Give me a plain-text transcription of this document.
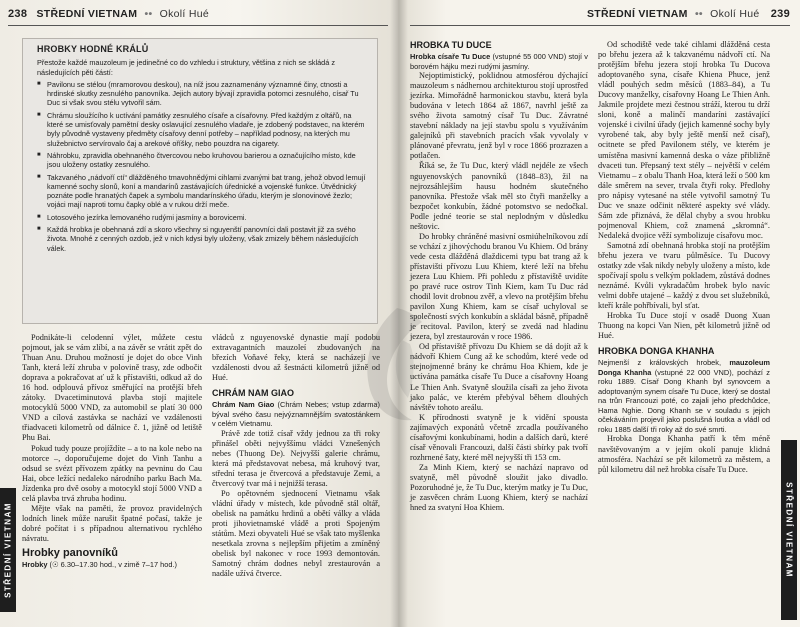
238 STŘEDNÍ VIETNAM •• Okolí Hué
HROBKY HODNÉ KRÁLŮ

Přestože každé mauzoleum je jedinečné co do vzhledu i struktury, většina z nich se skládá z následujících pěti částí:

■ Pavilonu se stélou (mramorovou deskou), na níž jsou zaznamenány významné činy, ctnosti a hrdinské skutky zesnulého panovníka. Jejich autory bývají zpravidla potomci zesnulého, císař Tu Duc si však svou stélu vytvořil sám.
■ Chrámu sloužícího k uctívání památky zesnulého císaře a císařovny. Před každým z oltářů, na které se umisťovaly pamětní desky oslavující zesnulého vladaře, je zdobený podstavec, na kterém byly původně vystaveny předměty císařovy denní potřeby – například podnosy, na kterých mu služebnictvo servírovalo čaj a arekové oříšky, nebo pouzdra na cigarety.
■ Náhrobku, zpravidla obehnaného čtvercovou nebo kruhovou barierou a označujícího místo, kde jsou uloženy ostatky zesnulého.
■ Takzvaného „nádvoří ctí“ dlážděného tmavohnědými cihlami zvanými bat trang, jehož obvod lemují kamenné sochy slonů, koní a mandarínů zastávajících úřednické a vojenské funkce. Útvědnický poznáte podle hranatých čapek a symbolu mandarínského úřadu, kterým je slonovinové žezlo; vojáci mají naproti tomu čapky oblé a v rukou drží meče.
■ Lotosového jezírka lemovaného rudými jasmíny a borovicemi.
■ Každá hrobka je obehnaná zdí a skoro všechny si nguyenští panovníci dali postavit již za svého života. Mnohé z cenných ozdob, jež v nich kdysi byly uloženy, však zmizely během následujících válek.

Podnikáte-li celodenní výlet, můžete cestu pojmout, jak se vám zlíbí, a na závěr se vrátit zpět do Thuan Anu. Druhou možností je dojet do obce Vinh Tanh, která leží zhruba v polovině trasy, zde odbočit doprava a pokračovat ať už k přístavišti, odkud až do 16 hod. odplouvá přívoz směřující na protější břeh zátoky. Dvacetiminutová plavba stojí majitele motocyklů 5000 VND, za automobil se platí 30 000 VND a cílová zastávka se nachází ve vzdálenosti třiadvaceti kilometrů od dálnice č. 1, jižně od letiště Phu Bai.

Pokud tudy pouze projíždíte – a to na kole nebo na motorce –, doporučujeme dojet do Vinh Tanhu a odsud se svézt přívozem zpátky na pevninu do Cau Hai, obce ležící nedaleko národního parku Bach Ma. Jízdenka pro dvě osoby a motocykl stojí 5000 VND a celá plavba trvá zhruba hodinu.

Mějte však na paměti, že provoz pravidelných lodních linek může narušit špatné počasí, takže je dobré počítat i s případnou alternativou rychlého návratu.

Hrobky panovníků

Hrobky (☉ 6.30–17.30 hod., v zimě 7–17 hod.)

vládců z nguyenovské dynastie mají podobu extravagantních mauzoleí zbudovaných na březích Voňavé řeky, která se nacházejí ve vzdálenosti dvou až šestnácti kilometrů jižně od Hué.

CHRÁM NAM GIAO

Chrám Nam Giao (Chrám Nebes; vstup zdarma) býval svého času nejvýznamnějším svatostánkem v celém Vietnamu.

Právě zde totiž císař vždy jednou za tři roky přinášel oběti nejvyššímu vládci Vznešených nebes (Thuong De). Nejvyšší galerie chrámu, která má představovat nebesa, má kruhový tvar, střední terasa je čtvercová a představuje Zemi, a čtvercový tvar má i nejnižší terasa.

Po opětovném sjednocení Vietnamu však vládní úřady v místech, kde původně stál oltář, obelisk na památku hrdinů a obětí války a vláda proti jihovietnamské vládě a proti Spojeným státům. Mezi obyvateli Hué se však tato myšlenka nesetkala zrovna s nejlepším přijetím a zmíněný obelisk byl nakonec v roce 1993 demontován. Samotný chrám dodnes nebyl zrestaurován a nadále užívá čtverce.

STŘEDNÍ VIETNAM
STŘEDNÍ VIETNAM •• Okolí Hué 239
HROBKA TU DUCE

Hrobka císaře Tu Duce (vstupné 55 000 VND) stojí v borovém hájku mezi rudými jasmíny.

Nejoptimistický, poklidnou atmosférou dýchající mauzoleum s nádhernou architekturou stojí uprostřed jezírka. Mimořádně harmonickou stavbu, která byla budována v letech 1864 až 1867, navrhl ještě za svého života samotný císař Tu Duc. Závratné stavební náklady na její stavbu spolu s využíváním galejníků při stavebních pracích však vyvolaly v plánované převratu, jenž byl v roce 1866 prozrazen a potlačen.

Říká se, že Tu Duc, který vládl nejdéle ze všech nguyenovských panovníků (1848–83), žil na nejrozsáhlejším hausu hodném skutečného panovníka. Přestože však měl sto čtyři manželky a bezpočet konkubín, žádné potomstvo se nedočkal. Podle jedné teorie se stal neplodným v důsledku neštovic.

Do hrobky chráněné masivní osmiúhelníkovou zdí se vchází z jihovýchodu branou Vu Khiem. Od brány vede cesta dlážděná dlaždicemi typu bat trang až k přístavišti přívozu Luu Khiem, které leží na břehu jezera Luu Khiem. Při pohledu z přístaviště uvidíte po pravé ruce ostrov Tinh Kiem, kam Tu Duc rád chodil lovit drobnou zvěř, a vlevo na protějším břehu pavilon Xung Khiem, kam se císař uchyloval se společností svých konkubín a skládal básně, případně je recitoval. Pavilon, který se zvedá nad hladinu jezera, byl zrestaurován v roce 1986.

Od přístaviště přívozu Du Khiem se dá dojít až k nádvoří Khiem Cung až ke schodům, které vede od stejnojmenné brány ke chrámu Hoa Khiem, kde je uctívána památka císaře Tu Duce a císařovny Hoang Le Thien Anh. Svatyně sloužila císaři za jeho života jako palác, ve kterém přebýval během dlouhých návštěv tohoto areálu.

K přírodnosti svatyně je k vidění spousta zajímavých exponátů včetně zrcadla používaného císařovými konkubínami, hodin a dalších darů, které císař věnovali Francouzi, další části sbírky pak tvoří rozhrnené šaty, které měl nejvyšší tři 153 cm.

Za Minh Kiem, který se nachází napravo od svatyně, měl původně sloužit jako divadlo. Pozoruhodné je, že Tu Duc, kterým matky je Tu Duc, je zasvěcen chrám Luong Khiem, který se nachází hned za svatyní Hoa Khiem.

Od schodiště vede také cihlami dlážděná cesta po břehu jezera až k takzvanému nádvoří ctí. Na protějším břehu jezera stojí hrobka Tu Ducova adoptovaného syna, císaře Khiena Phuce, jenž vládl pouhých sedm měsíců (1883–84), a Tu Ducovy manželky, císařovny Hoang Le Thien Anh. Jakmile projdete mezi čestnou stráží, kterou tu drží sloni, koně a malinčí mandaríni zastávající vojenské i civilní úřady (jejich kamenné sochy byly vyrobené tak, aby byly ještě menší než císař), ocitnete se před Pavilonem stély, ve kterém je umístěna masivní kamenná deska o váze přibližně dvaceti tun. Přepsaný text stély – největší v celém Vietnamu – z obalu Thanh Hoa, která leží o 500 km dále směrem na sever, trvala čtyři roky. Předlohy pro nápisy vytesané na stéle vytvořil samotný Tu Duc ve snaze odčinit některé aspekty své vlády. Sám zde přiznává, že dělal chyby a svou hrobku pojmenoval Khiem, což znamená „skromná“. Nedaleká dvojice věží symbolizuje císařovu moc.

Samotná zdí obehnaná hrobka stojí na protějším břehu jezera ve tvaru půlměsíce. Tu Ducovy ostatky zde však nikdy nebyly uloženy a místo, kde spočívají spolu s velkým pokladem, zůstává dodnes neznámé. Kvůli vykradačům hrobek bylo navíc velmi dobře utajené – každý z dvou set služebníků, kteří krále pohřbívali, byl sťat.

Hrobka Tu Duce stojí v osadě Duong Xuan Thuong na kopci Van Nien, pět kilometrů jižně od Hué.

HROBKA DONGA KHANHA

Nejmenší z královských hrobek, mauzoleum Donga Khanha (vstupné 22 000 VND), pochází z roku 1889. Císař Dong Khanh byl synovcem a adoptovaným synem císaře Tu Duce, který se dostal na trůn Francouzi poté, co zajali jeho předchůdce, Hama Nghie. Dong Khanh se v souladu s jejich očekáváním projevil jako poslušná loutka a vládl od roku 1885 další tři roky až do své smrti.

Hrobka Donga Khanha patří k těm méně navštěvovaným a v jejím okolí panuje klidná atmosféra. Nachází se pět kilometrů za městem, a půl kilometru dál než hrobka císaře Tu Duce.

STŘEDNÍ VIETNAM
